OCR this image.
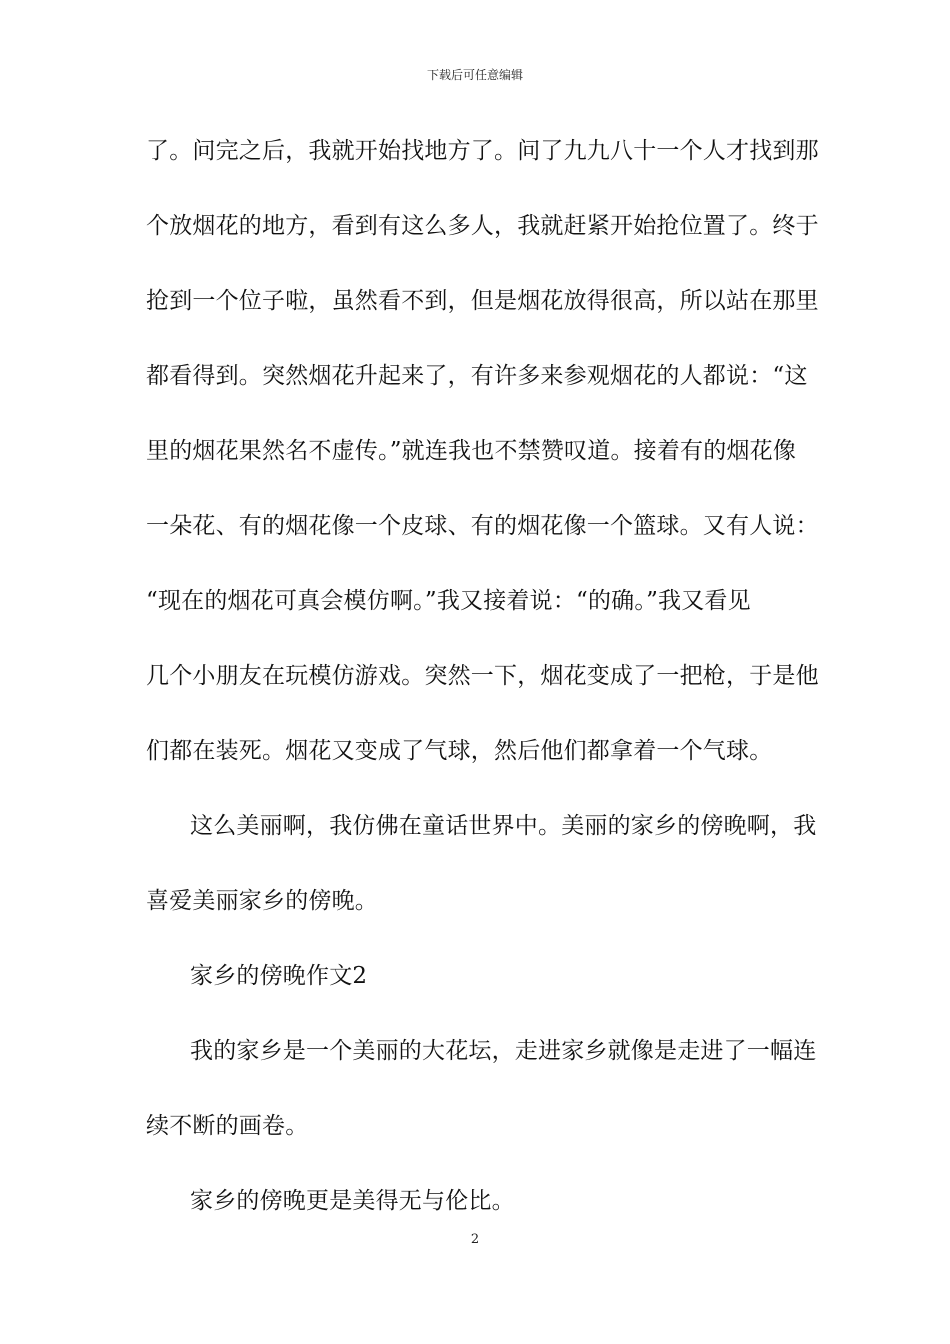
下载后可任意编辑
了。问完之后，我就开始找地方了。问了九九八十一个人才找到那
个放烟花的地方，看到有这么多人，我就赶紧开始抢位置了。终于
抢到一个位子啦，虽然看不到，但是烟花放得很高，所以站在那里
都看得到。突然烟花升起来了，有许多来参观烟花的人都说：“这
里的烟花果然名不虚传。”就连我也不禁赞叹道。接着有的烟花像
一朵花、有的烟花像一个皮球、有的烟花像一个篮球。又有人说：
“现在的烟花可真会模仿啊。”我又接着说：“的确。”我又看见
几个小朋友在玩模仿游戏。突然一下，烟花变成了一把枪，于是他
们都在装死。烟花又变成了气球，然后他们都拿着一个气球。
这么美丽啊，我仿佛在童话世界中。美丽的家乡的傍晚啊，我
喜爱美丽家乡的傍晚。
家乡的傍晚作文2
我的家乡是一个美丽的大花坛，走进家乡就像是走进了一幅连
续不断的画卷。
家乡的傍晚更是美得无与伦比。
2
